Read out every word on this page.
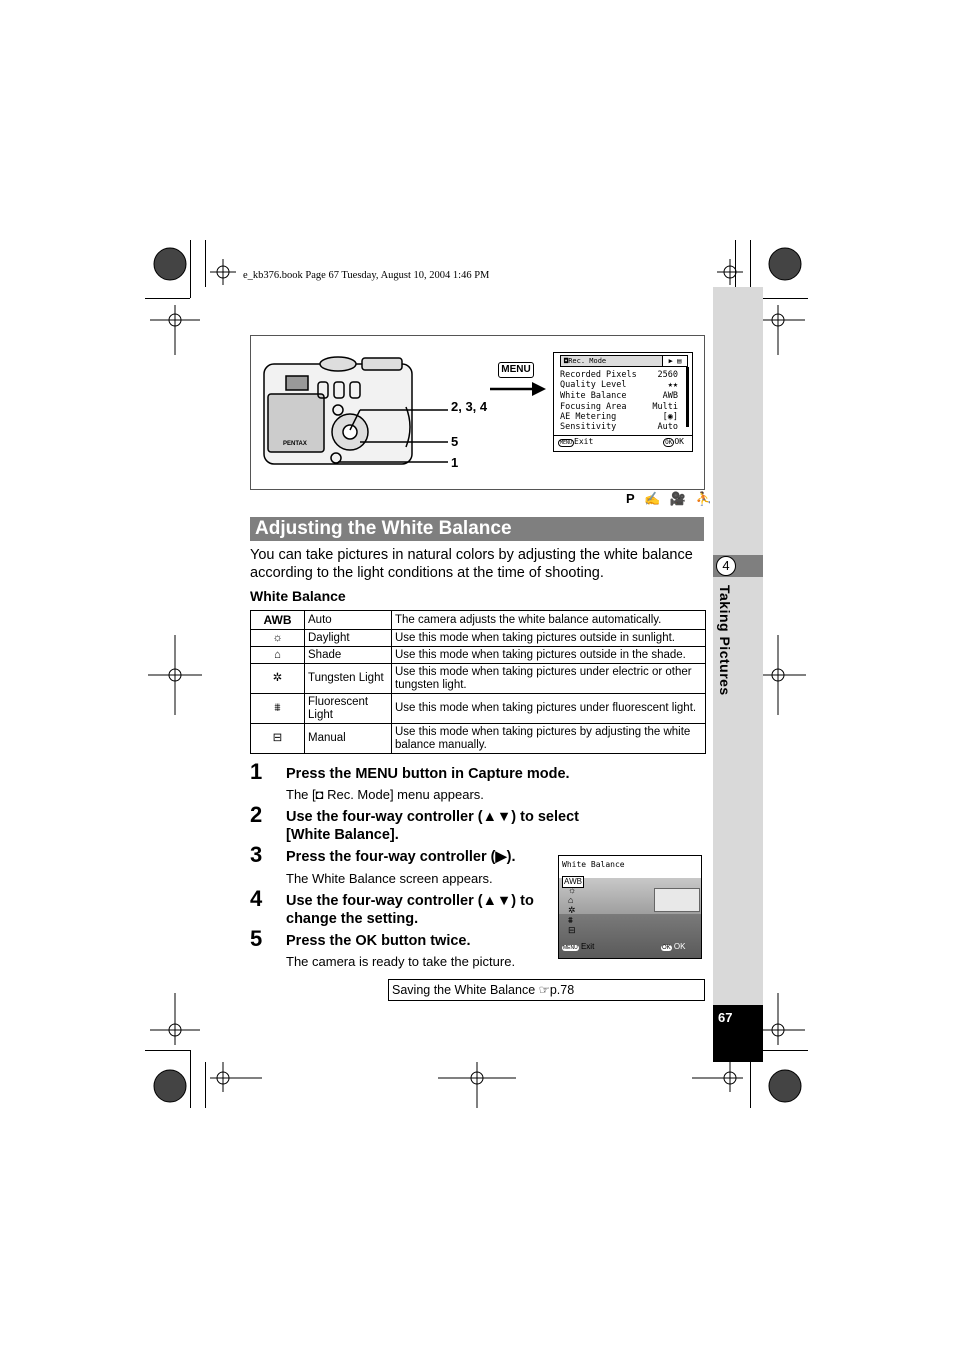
e_kb376.book Page 67 Tuesday, August 10, 2004 1:46 PM
4
Taking Pictures
67
PENTAX
2, 3, 4
5
1
MENU
◘Rec. Mode	▶ ▤
Recorded Pixels 2560
Quality Level	★★
White Balance	AWB
Focusing Area	Multi
AE Metering	[◉]
Sensitivity	Auto
MENU Exit	OK OK
P ✍ 🎥 ⛹
Adjusting the White Balance
You can take pictures in natural colors by adjusting the white balance according to the light conditions at the time of shooting.
White Balance
AWB	Auto	The camera adjusts the white balance automatically.
☼	Daylight	Use this mode when taking pictures outside in sunlight.
⌂	Shade	Use this mode when taking pictures outside in the shade.
✲	Tungsten Light	Use this mode when taking pictures under electric or other tungsten light.
⩩	Fluorescent Light	Use this mode when taking pictures under fluorescent light.
⊟	Manual	Use this mode when taking pictures by adjusting the white balance manually.
1 Press the MENU button in Capture mode.
The [◘ Rec. Mode] menu appears.
2 Use the four-way controller (▲▼) to select [White Balance].
3 Press the four-way controller (▶).
The White Balance screen appears.
4 Use the four-way controller (▲▼) to change the setting.
5 Press the OK button twice.
The camera is ready to take the picture.
White Balance
AWB
☼
⌂
✲
⩩
⊟
MENU Exit	OK OK
Saving the White Balance ☞p.78
